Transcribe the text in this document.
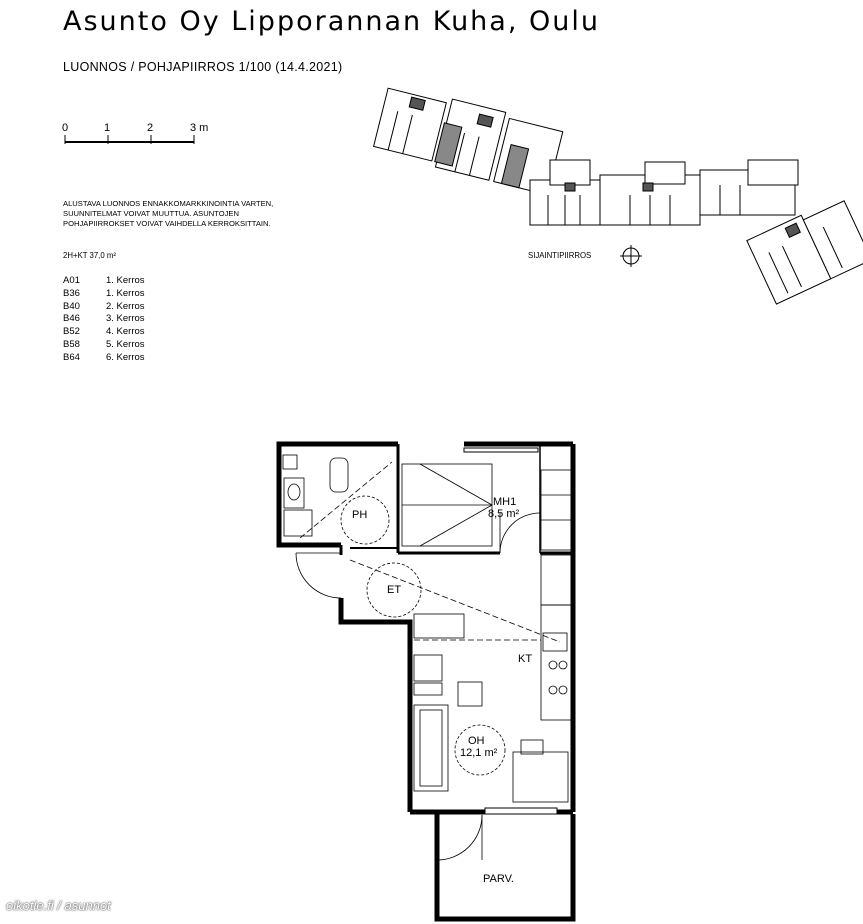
Asunto Oy Lipporannan Kuha, Oulu
LUONNOS / POHJAPIIRROS 1/100 (14.4.2021)
0	1	2	3 m
ALUSTAVA LUONNOS ENNAKKOMARKKINOINTIA VARTEN,
SUUNNITELMAT VOIVAT MUUTTUA. ASUNTOJEN
POHJAPIIRROKSET VOIVAT VAIHDELLA KERROKSITTAIN.
2H+KT 37,0 m²
A01	1. Kerros
B36	1. Kerros
B40	2. Kerros
B46	3. Kerros
B52	4. Kerros
B58	5. Kerros
B64	6. Kerros
SIJAINTIPIIRROS
PH
MH1
8,5 m²
ET
KT
OH
12,1 m²
PARV.
oikotie.fi / asunnot
